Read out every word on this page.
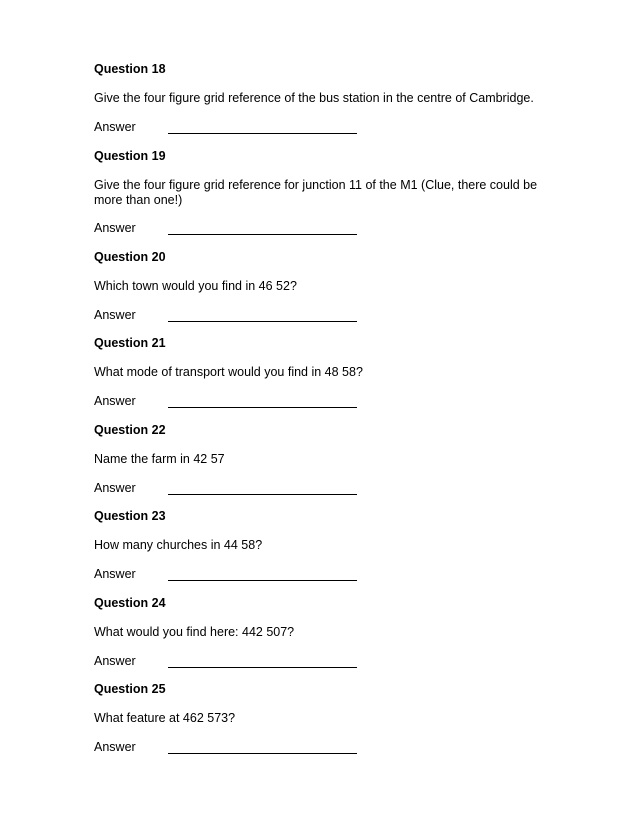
Question 18

Give the four figure grid reference of the bus station in the centre of Cambridge.

Answer

Question 19

Give the four figure grid reference for junction 11 of the M1 (Clue, there could be more than one!)

Answer

Question 20

Which town would you find in 46 52?

Answer

Question 21

What mode of transport would you find in 48 58?

Answer

Question 22

Name the farm in 42 57

Answer

Question 23

How many churches in 44 58?

Answer

Question 24

What would you find here: 442 507?

Answer

Question 25

What feature at 462 573?

Answer
